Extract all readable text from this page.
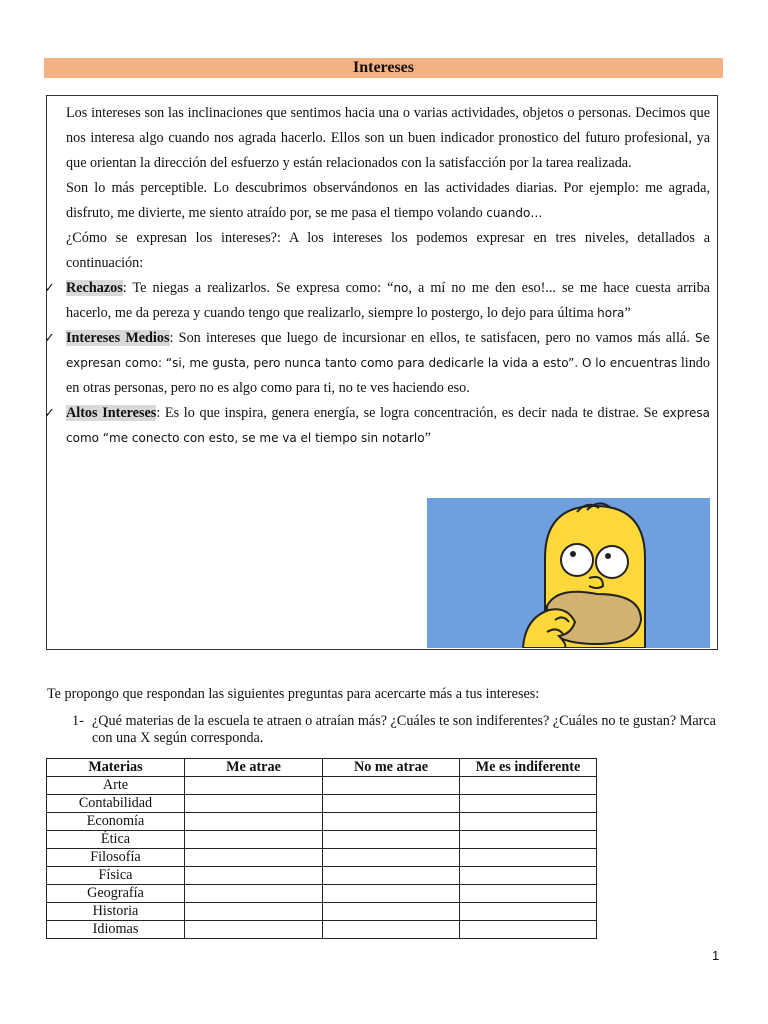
Intereses

Los intereses son las inclinaciones que sentimos hacia una o varias actividades, objetos o personas. Decimos que nos interesa algo cuando nos agrada hacerlo. Ellos son un buen indicador pronostico del futuro profesional, ya que orientan la dirección del esfuerzo y están relacionados con la satisfacción por la tarea realizada.

Son lo más perceptible. Lo descubrimos observándonos en las actividades diarias. Por ejemplo: me agrada, disfruto, me divierte, me siento atraído por, se me pasa el tiempo volando cuando…

¿Cómo se expresan los intereses?: A los intereses los podemos expresar en tres niveles, detallados a continuación:

✓ Rechazos: Te niegas a realizarlos. Se expresa como: “no, a mí no me den eso!... se me hace cuesta arriba hacerlo, me da pereza y cuando tengo que realizarlo, siempre lo postergo, lo dejo para última hora”

✓ Intereses Medios: Son intereses que luego de incursionar en ellos, te satisfacen, pero no vamos más allá. Se expresan como: “si, me gusta, pero nunca tanto como para dedicarle la vida a esto”. O lo encuentras lindo en otras personas, pero no es algo como para ti, no te ves haciendo eso.

✓ Altos Intereses: Es lo que inspira, genera energía, se logra concentración, es decir nada te distrae. Se expresa como “me conecto con esto, se me va el tiempo sin notarlo”

Te propongo que respondan las siguientes preguntas para acercarte más a tus intereses:
1- ¿Qué materias de la escuela te atraen o atraían más? ¿Cuáles te son indiferentes? ¿Cuáles no te gustan? Marca con una X según corresponda.
Materias	Me atrae	No me atrae	Me es indiferente
Arte			
Contabilidad			
Economía			
Ética			
Filosofía			
Física			
Geografía			
Historia			
Idiomas			
1
